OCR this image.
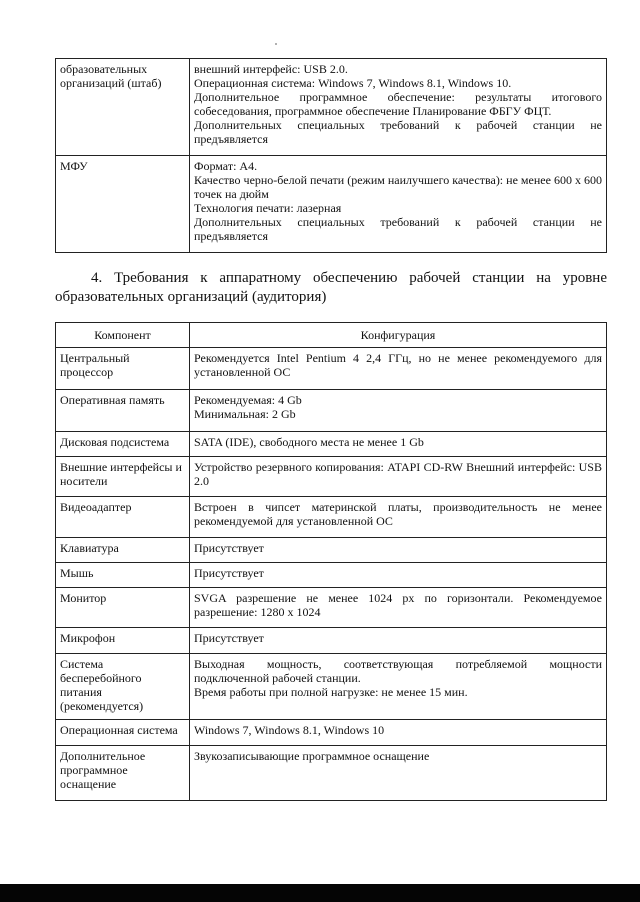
образовательных организаций (штаб)	внешний интерфейс: USB 2.0.
Операционная система: Windows 7, Windows 8.1, Windows 10.
Дополнительное программное обеспечение: результаты итогового собеседования, программное обеспечение Планирование ФБГУ ФЦТ.
Дополнительных специальных требований к рабочей станции не предъявляется

МФУ	Формат: А4.
Качество черно-белой печати (режим наилучшего качества): не менее 600 х 600 точек на дюйм
Технология печати: лазерная
Дополнительных специальных требований к рабочей станции не предъявляется
4. Требования к аппаратному обеспечению рабочей станции на уровне
образовательных организаций (аудитория)
Компонент	Конфигурация
Центральный процессор	Рекомендуется Intel Pentium 4 2,4 ГГц, но не менее рекомендуемого для установленной ОС
Оперативная память	Рекомендуемая: 4 Gb
Минимальная: 2 Gb

Дисковая подсистема	SATA (IDE), свободного места не менее 1 Gb
Внешние интерфейсы и носители	Устройство резервного копирования: ATAPI CD-RW Внешний интерфейс: USB 2.0
Видеоадаптер	Встроен в чипсет материнской платы, производительность не менее рекомендуемой для установленной ОС
Клавиатура	Присутствует
Мышь	Присутствует
Монитор	SVGA разрешение не менее 1024 px по горизонтали. Рекомендуемое разрешение: 1280 х 1024
Микрофон	Присутствует
Система бесперебойного питания (рекомендуется)	Выходная мощность, соответствующая потребляемой мощности подключенной рабочей станции.
Время работы при полной нагрузке: не менее 15 мин.

Операционная система	Windows 7, Windows 8.1, Windows 10
Дополнительное программное оснащение	Звукозаписывающие программное оснащение
